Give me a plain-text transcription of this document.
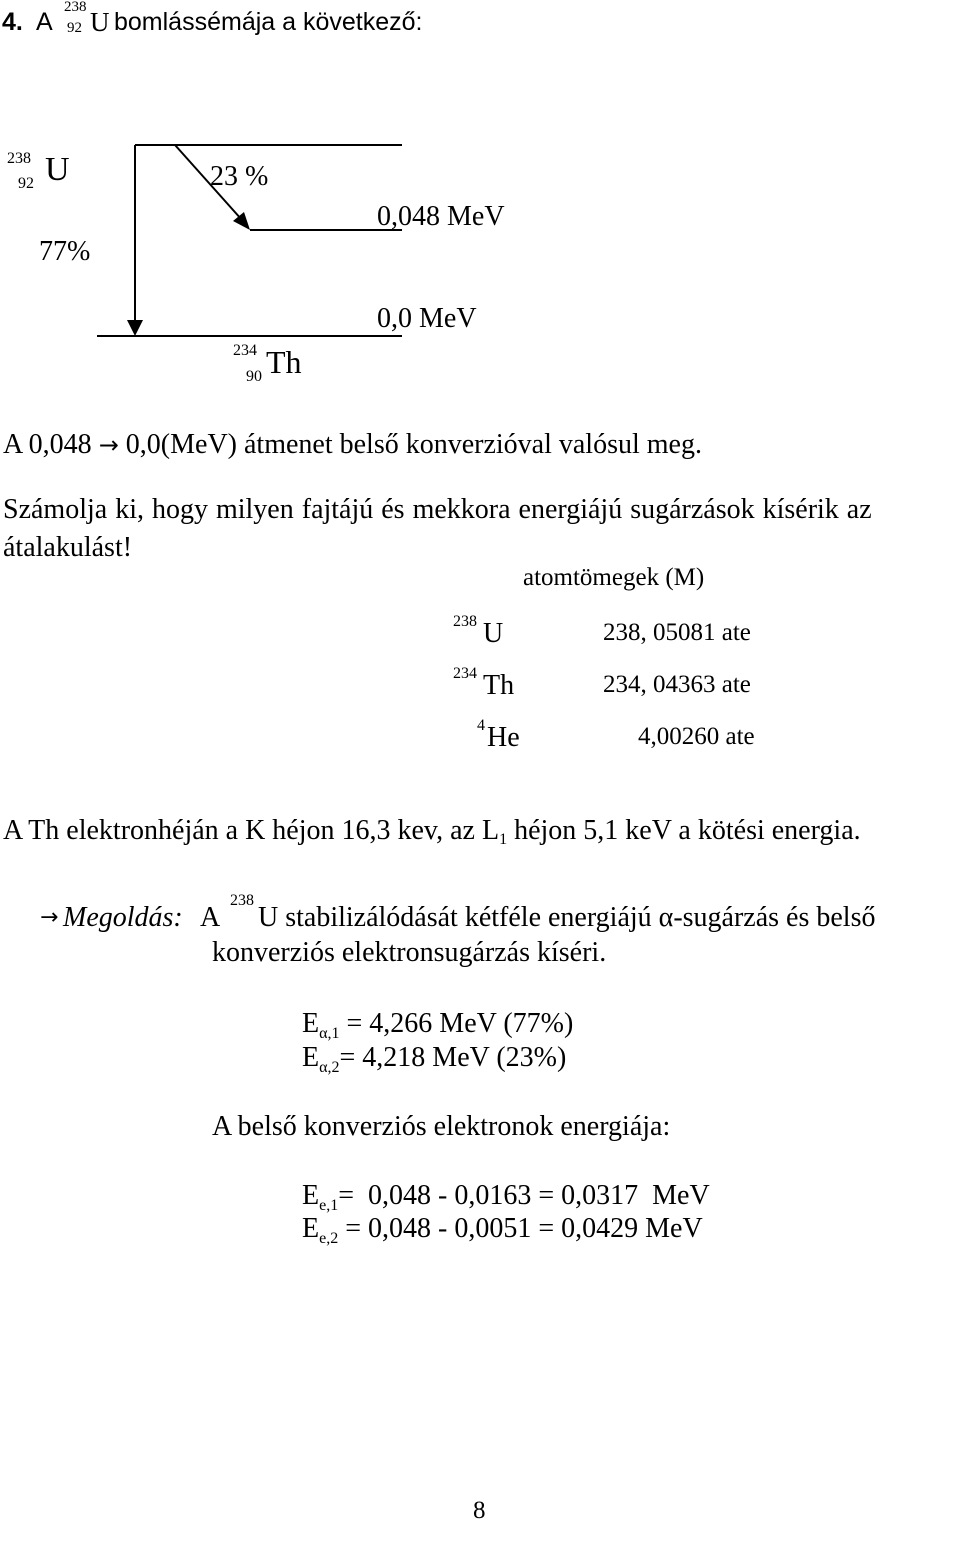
4. A
238
92 U bomlássémája a következő:
238
92 U
77%
23 %
0,048 MeV
0,0 MeV
234
90 Th
A 0,048 → 0,0(MeV) átmenet belső konverzióval valósul meg.
Számolja ki, hogy milyen fajtájú és mekkora energiájú sugárzások kísérik az
átalakulást!
atomtömegek (M)
238 U	238, 05081 ate
234 Th	234, 04363 ate
4 He	4,00260 ate
A Th elektronhéján a K héjon 16,3 kev, az L1 héjon 5,1 keV a kötési energia.
→ Megoldás: A
238
U stabilizálódását kétféle energiájú α-sugárzás és belső
konverziós elektronsugárzás kíséri.
$E_{\alpha,1} = 4,266$ MeV (77%)
$E_{\alpha,2}= 4,218$ MeV (23%)
A belső konverziós elektronok energiája:
$E_{e,1}= 0,048 - 0,0163 = 0,0317$  MeV
$E_{e,2} = 0,048 - 0,0051 = 0,0429$ MeV
8
